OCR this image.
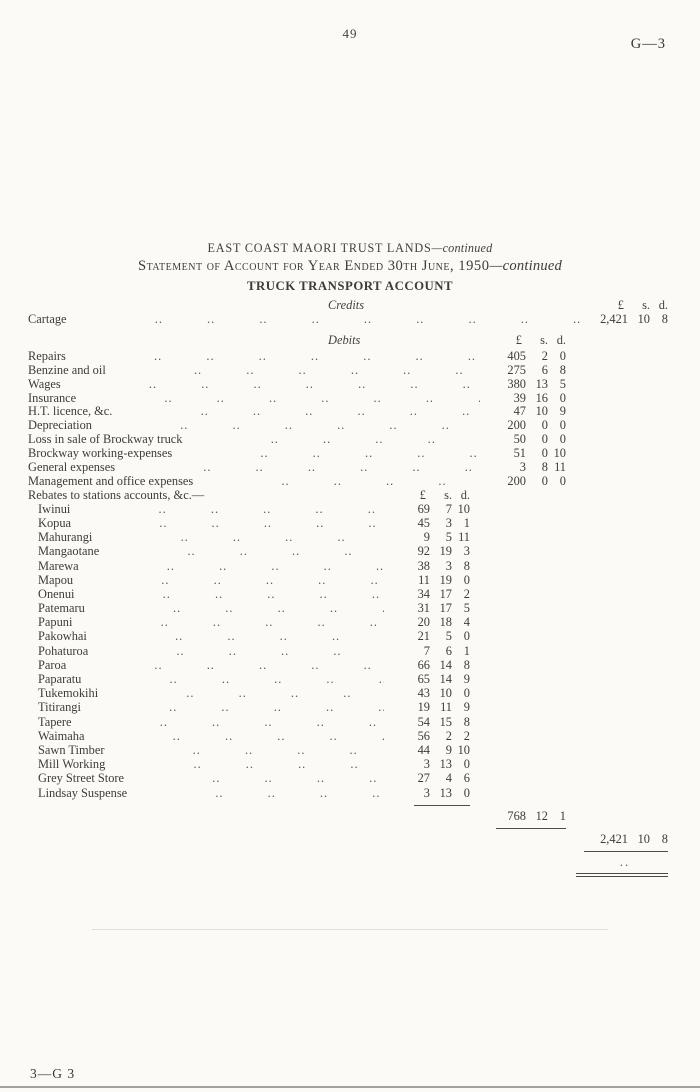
49
G—3
EAST COAST MAORI TRUST LANDS—continued
Statement of Account for Year Ended 30th June, 1950—continued
TRUCK TRANSPORT ACCOUNT
Credits	£	s. d.
Cartage .. ..	2,421 10 8
Debits	£	s. d.
Repairs .. ..	405	2 0
Benzine and oil .. ..	275	6 8
Wages .. ..	380 13 5
Insurance .. ..	39 16 0
H.T. licence, &c. .. ..	47 10 9
Depreciation .. ..	200	0 0
Loss in sale of Brockway truck .. ..	50	0 0
Brockway working-expenses .. ..	51	0 10
General expenses .. ..	3	8 11
Management and office expenses .. ..	200	0 0
Rebates to stations accounts, &c.—	£	s. d.
Iwinui .. ..	69	7 10
Kopua .. ..	45	3 1
Mahurangi .. ..	9	5 11
Mangaotane .. ..	92 19 3
Marewa .. ..	38	3 8
Mapou .. ..	11 19 0
Onenui .. ..	34 17 2
Patemaru .. ..	31 17 5
Papuni .. ..	20 18 4
Pakowhai .. ..	21	5 0
Pohaturoa .. ..	7	6 1
Paroa .. ..	66 14 8
Paparatu .. ..	65 14 9
Tukemokihi .. ..	43 10 0
Titirangi .. ..	19 11 9
Tapere .. ..	54 15 8
Waimaha .. ..	56	2 2
Sawn Timber .. ..	44	9 10
Mill Working .. ..	3 13 0
Grey Street Store .. ..	27	4 6
Lindsay Suspense .. ..	3 13 0
768 12 1
2,421 10 8
..
3—G 3
